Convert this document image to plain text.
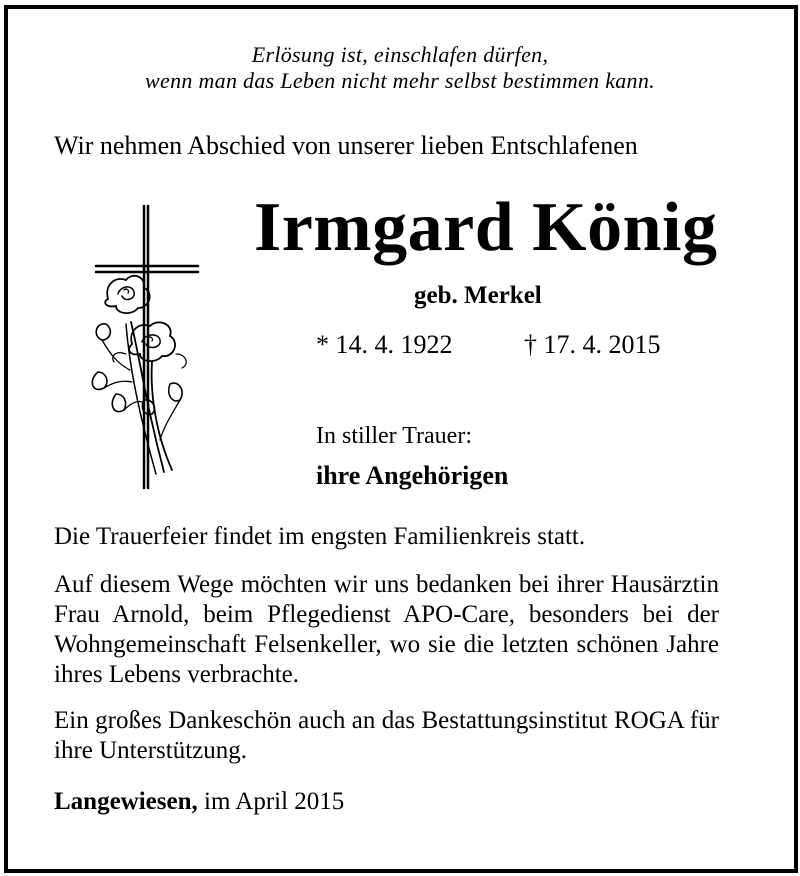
Erlösung ist, einschlafen dürfen,
wenn man das Leben nicht mehr selbst bestimmen kann.
Wir nehmen Abschied von unserer lieben Entschlafenen
Irmgard König
geb. Merkel
* 14. 4. 1922	† 17. 4. 2015
In stiller Trauer:
ihre Angehörigen
Die Trauerfeier findet im engsten Familienkreis statt.
Auf diesem Wege möchten wir uns bedanken bei ihrer Hausärztin Frau Arnold, beim Pflegedienst APO-Care, besonders bei der Wohngemeinschaft Felsenkeller, wo sie die letzten schönen Jahre ihres Lebens verbrachte.
Ein großes Dankeschön auch an das Bestattungsinstitut ROGA für ihre Unterstützung.
Langewiesen, im April 2015
